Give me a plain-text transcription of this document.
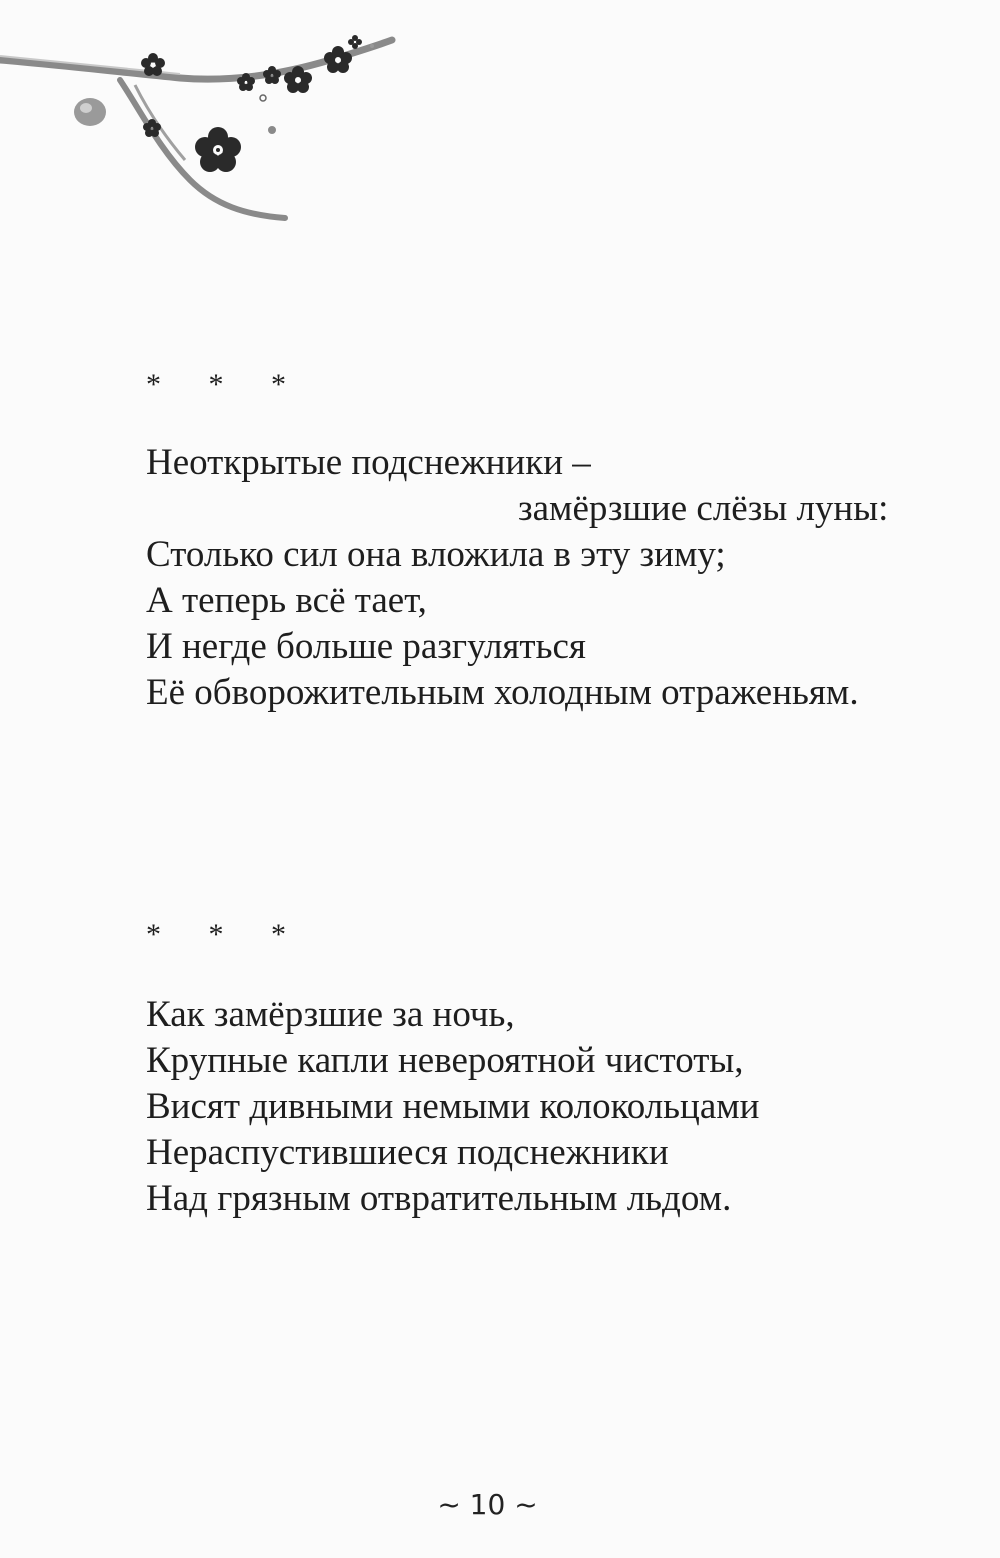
* * *
Неоткрытые подснежники –
замёрзшие слёзы луны:
Столько сил она вложила в эту зиму;
А теперь всё тает,
И негде больше разгуляться
Её обворожительным холодным отраженьям.
* * *
Как замёрзшие за ночь,
Крупные капли невероятной чистоты,
Висят дивными немыми колокольцами
Нераспустившиеся подснежники
Над грязным отвратительным льдом.
~ 10 ~
